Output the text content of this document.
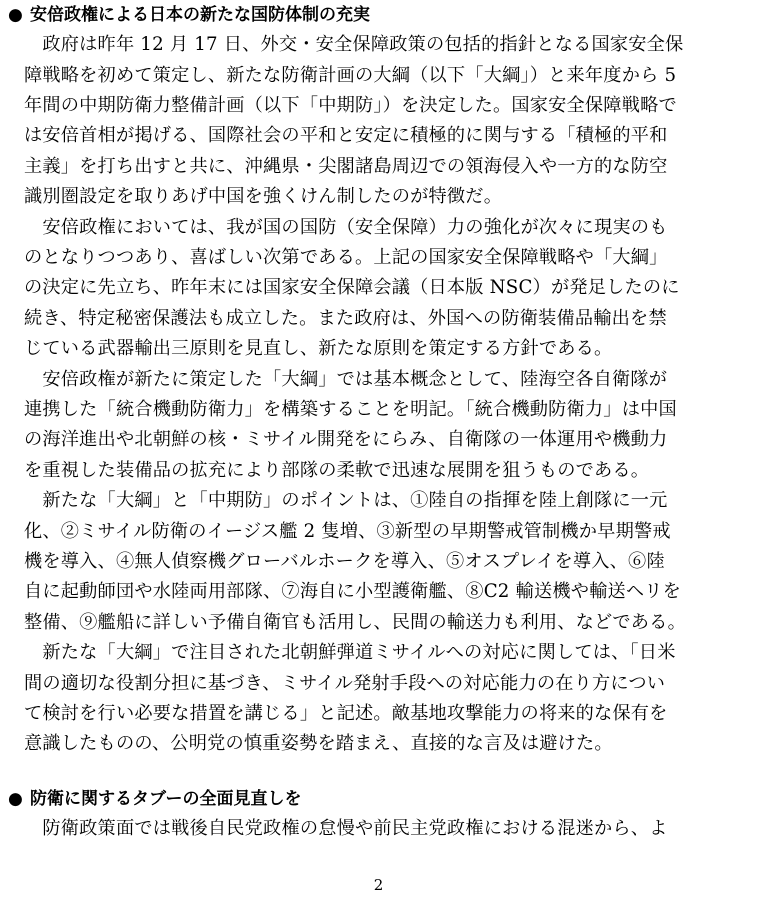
● 安倍政権による日本の新たな国防体制の充実
　政府は昨年 12 月 17 日、外交・安全保障政策の包括的指針となる国家安全保
障戦略を初めて策定し、新たな防衛計画の大綱（以下「大綱」）と来年度から 5
年間の中期防衛力整備計画（以下「中期防」）を決定した。国家安全保障戦略で
は安倍首相が掲げる、国際社会の平和と安定に積極的に関与する「積極的平和
主義」を打ち出すと共に、沖縄県・尖閣諸島周辺での領海侵入や一方的な防空
識別圏設定を取りあげ中国を強くけん制したのが特徴だ。
　安倍政権においては、我が国の国防（安全保障）力の強化が次々に現実のも
のとなりつつあり、喜ばしい次第である。上記の国家安全保障戦略や「大綱」
の決定に先立ち、昨年末には国家安全保障会議（日本版 NSC）が発足したのに
続き、特定秘密保護法も成立した。また政府は、外国への防衛装備品輸出を禁
じている武器輸出三原則を見直し、新たな原則を策定する方針である。
　安倍政権が新たに策定した「大綱」では基本概念として、陸海空各自衛隊が
連携した「統合機動防衛力」を構築することを明記。「統合機動防衛力」は中国
の海洋進出や北朝鮮の核・ミサイル開発をにらみ、自衛隊の一体運用や機動力
を重視した装備品の拡充により部隊の柔軟で迅速な展開を狙うものである。
　新たな「大綱」と「中期防」のポイントは、①陸自の指揮を陸上創隊に一元
化、②ミサイル防衛のイージス艦 2 隻増、③新型の早期警戒管制機か早期警戒
機を導入、④無人偵察機グローバルホークを導入、⑤オスプレイを導入、⑥陸
自に起動師団や水陸両用部隊、⑦海自に小型護衛艦、⑧C2 輸送機や輸送ヘリを
整備、⑨艦船に詳しい予備自衛官も活用し、民間の輸送力も利用、などである。
　新たな「大綱」で注目された北朝鮮弾道ミサイルへの対応に関しては、「日米
間の適切な役割分担に基づき、ミサイル発射手段への対応能力の在り方につい
て検討を行い必要な措置を講じる」と記述。敵基地攻撃能力の将来的な保有を
意識したものの、公明党の慎重姿勢を踏まえ、直接的な言及は避けた。
● 防衛に関するタブーの全面見直しを
　防衛政策面では戦後自民党政権の怠慢や前民主党政権における混迷から、よ
2
